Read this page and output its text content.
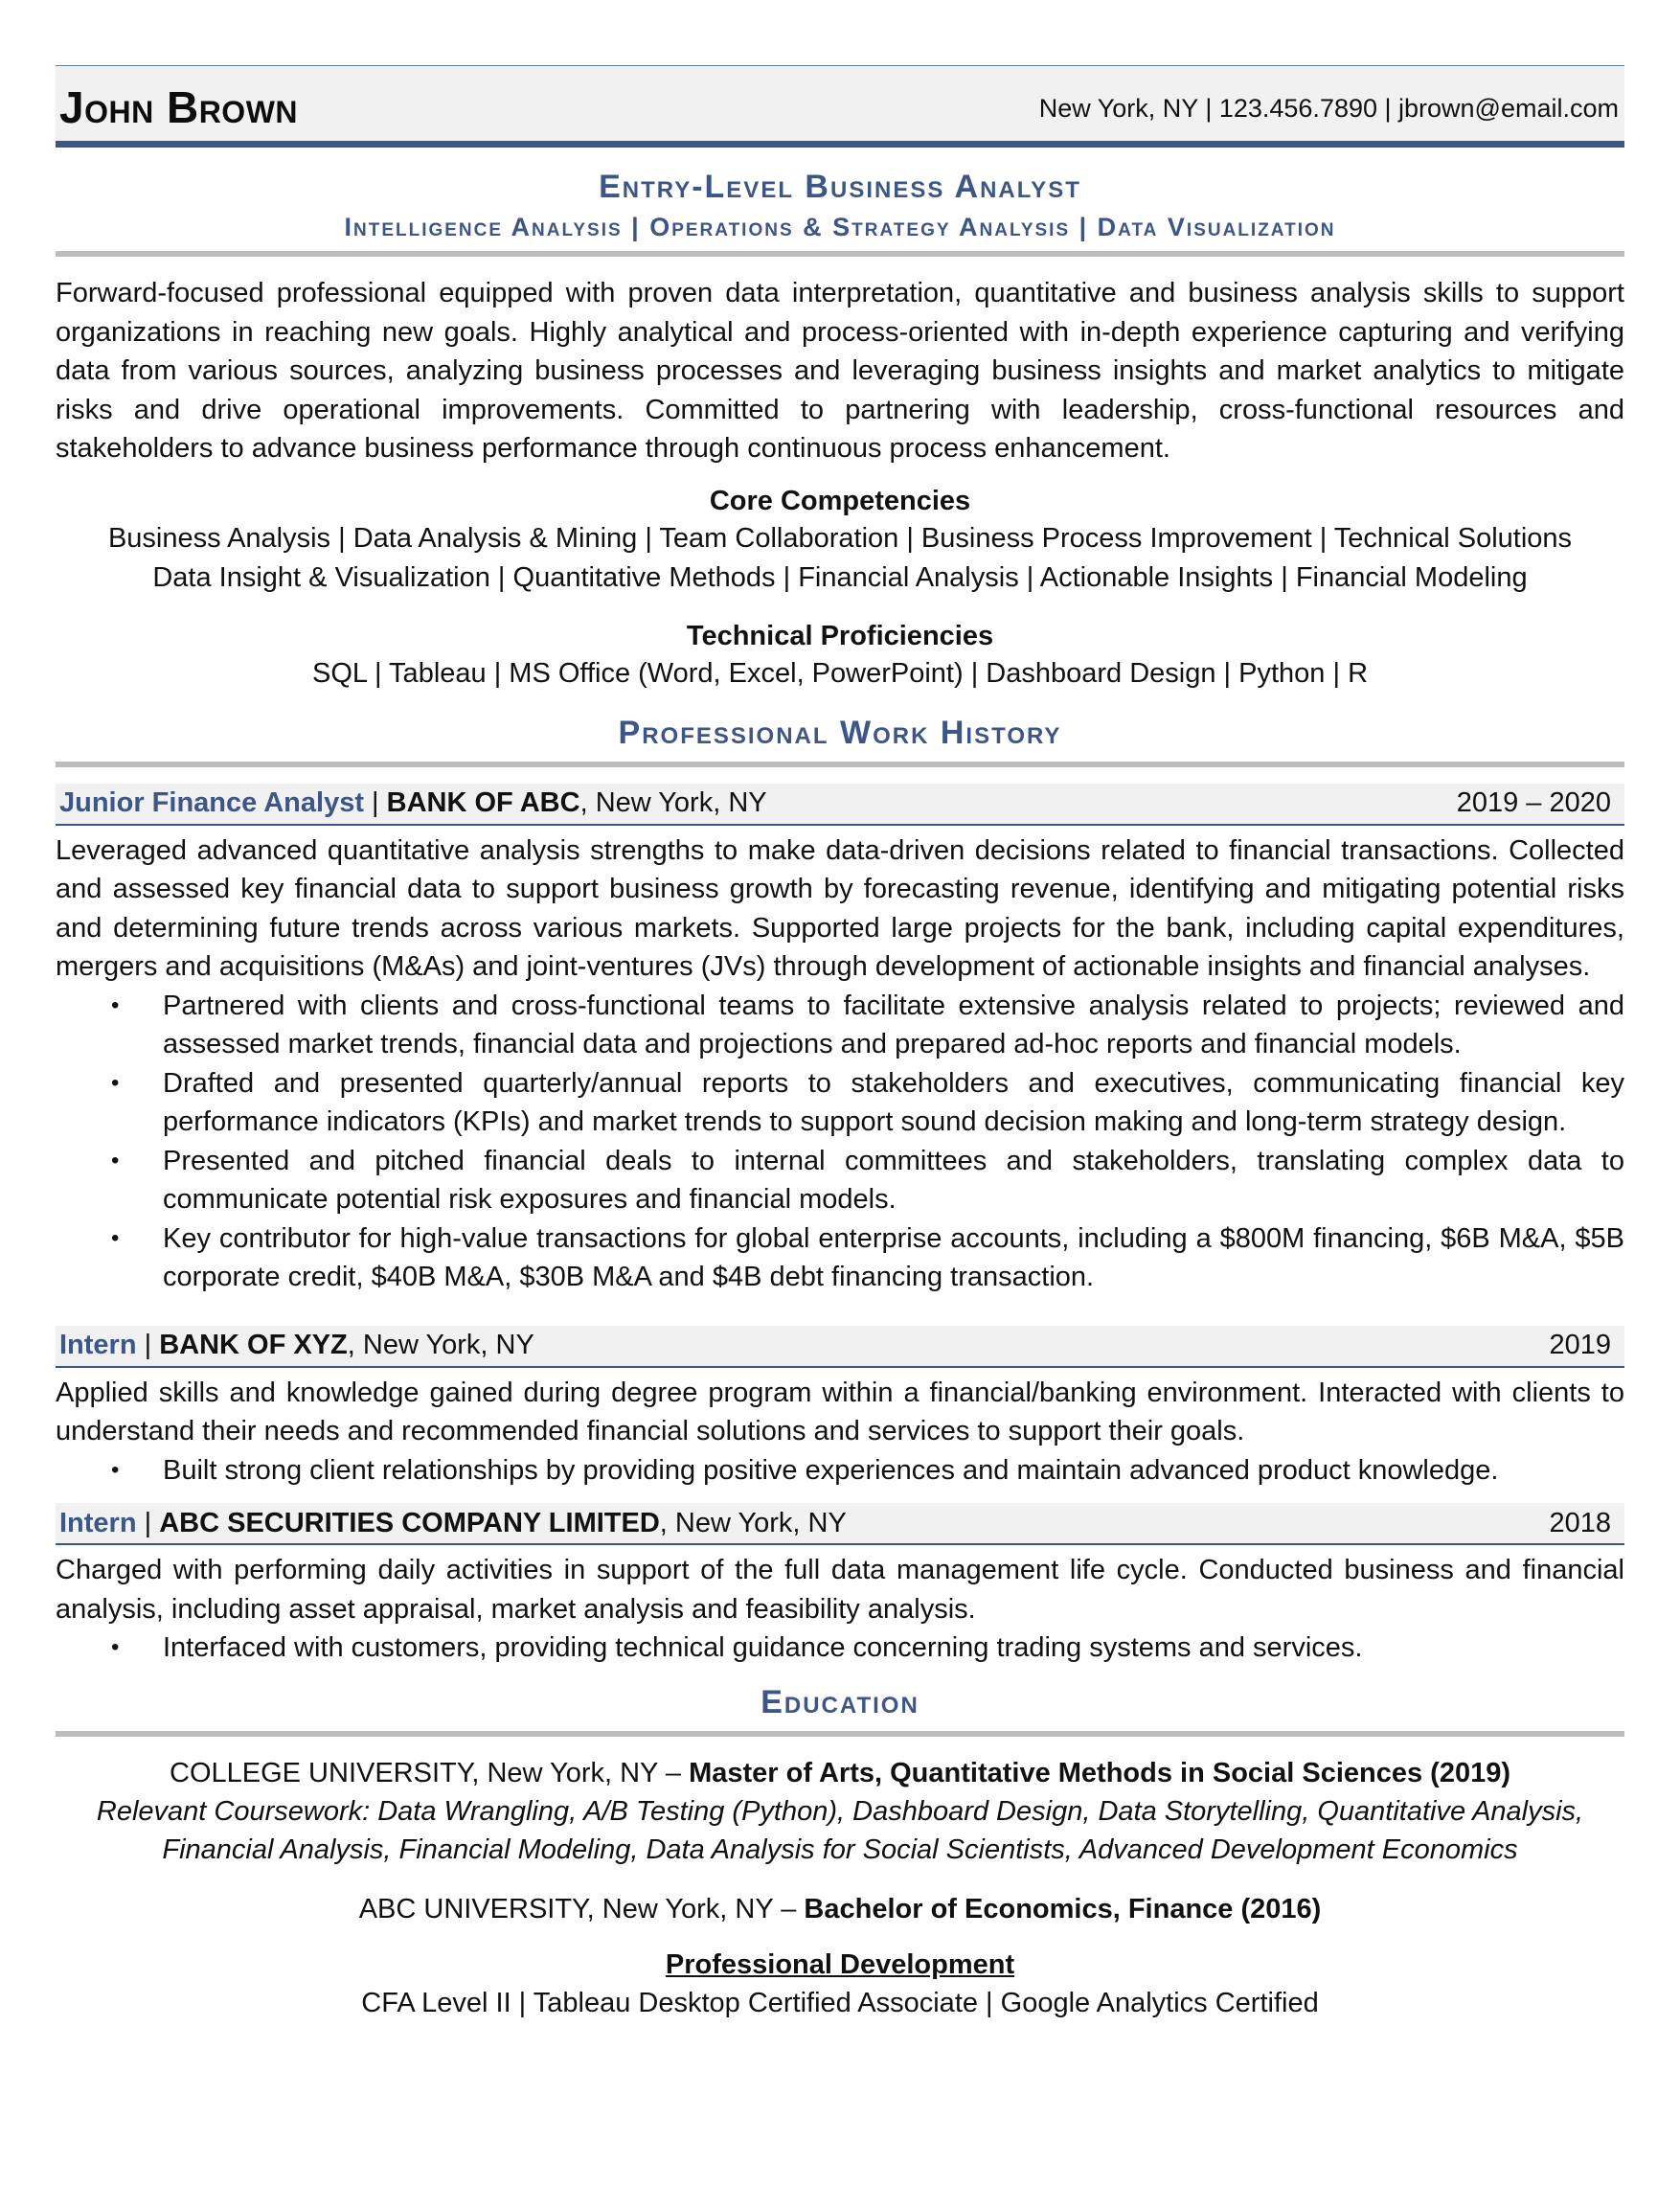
John Brown	New York, NY | 123.456.7890 | jbrown@email.com
Entry-Level Business Analyst
Intelligence Analysis | Operations & Strategy Analysis | Data Visualization
Forward-focused professional equipped with proven data interpretation, quantitative and business analysis skills to support organizations in reaching new goals. Highly analytical and process-oriented with in-depth experience capturing and verifying data from various sources, analyzing business processes and leveraging business insights and market analytics to mitigate risks and drive operational improvements. Committed to partnering with leadership, cross-functional resources and stakeholders to advance business performance through continuous process enhancement.
Core Competencies
Business Analysis | Data Analysis & Mining | Team Collaboration | Business Process Improvement | Technical Solutions
Data Insight & Visualization | Quantitative Methods | Financial Analysis | Actionable Insights | Financial Modeling
Technical Proficiencies
SQL | Tableau | MS Office (Word, Excel, PowerPoint) | Dashboard Design | Python | R
Professional Work History
Junior Finance Analyst | BANK OF ABC, New York, NY	2019 – 2020
Leveraged advanced quantitative analysis strengths to make data-driven decisions related to financial transactions. Collected and assessed key financial data to support business growth by forecasting revenue, identifying and mitigating potential risks and determining future trends across various markets. Supported large projects for the bank, including capital expenditures, mergers and acquisitions (M&As) and joint-ventures (JVs) through development of actionable insights and financial analyses.
• Partnered with clients and cross-functional teams to facilitate extensive analysis related to projects; reviewed and assessed market trends, financial data and projections and prepared ad-hoc reports and financial models.
• Drafted and presented quarterly/annual reports to stakeholders and executives, communicating financial key performance indicators (KPIs) and market trends to support sound decision making and long-term strategy design.
• Presented and pitched financial deals to internal committees and stakeholders, translating complex data to communicate potential risk exposures and financial models.
• Key contributor for high-value transactions for global enterprise accounts, including a $800M financing, $6B M&A, $5B corporate credit, $40B M&A, $30B M&A and $4B debt financing transaction.
Intern | BANK OF XYZ, New York, NY	2019
Applied skills and knowledge gained during degree program within a financial/banking environment. Interacted with clients to understand their needs and recommended financial solutions and services to support their goals.
• Built strong client relationships by providing positive experiences and maintain advanced product knowledge.
Intern | ABC SECURITIES COMPANY LIMITED, New York, NY	2018
Charged with performing daily activities in support of the full data management life cycle. Conducted business and financial analysis, including asset appraisal, market analysis and feasibility analysis.
• Interfaced with customers, providing technical guidance concerning trading systems and services.
Education
COLLEGE UNIVERSITY, New York, NY – Master of Arts, Quantitative Methods in Social Sciences (2019)
Relevant Coursework: Data Wrangling, A/B Testing (Python), Dashboard Design, Data Storytelling, Quantitative Analysis,
Financial Analysis, Financial Modeling, Data Analysis for Social Scientists, Advanced Development Economics
ABC UNIVERSITY, New York, NY – Bachelor of Economics, Finance (2016)
Professional Development
CFA Level II | Tableau Desktop Certified Associate | Google Analytics Certified
